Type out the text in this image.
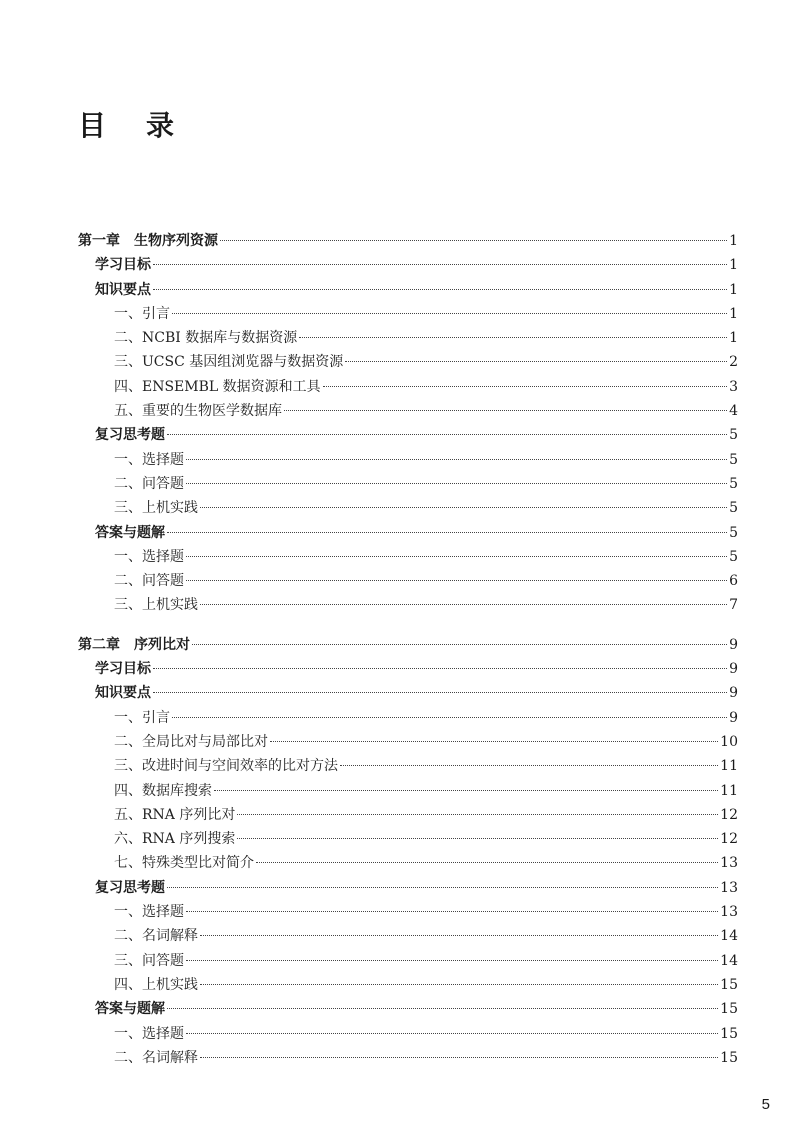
目 录
第一章 生物序列资源	1
学习目标	1
知识要点	1
一、引言	1
二、NCBI 数据库与数据资源	1
三、UCSC 基因组浏览器与数据资源	2
四、ENSEMBL 数据资源和工具	3
五、重要的生物医学数据库	4
复习思考题	5
一、选择题	5
二、问答题	5
三、上机实践	5
答案与题解	5
一、选择题	5
二、问答题	6
三、上机实践	7
第二章 序列比对	9
学习目标	9
知识要点	9
一、引言	9
二、全局比对与局部比对	10
三、改进时间与空间效率的比对方法	11
四、数据库搜索	11
五、RNA 序列比对	12
六、RNA 序列搜索	12
七、特殊类型比对简介	13
复习思考题	13
一、选择题	13
二、名词解释	14
三、问答题	14
四、上机实践	15
答案与题解	15
一、选择题	15
二、名词解释	15
5
